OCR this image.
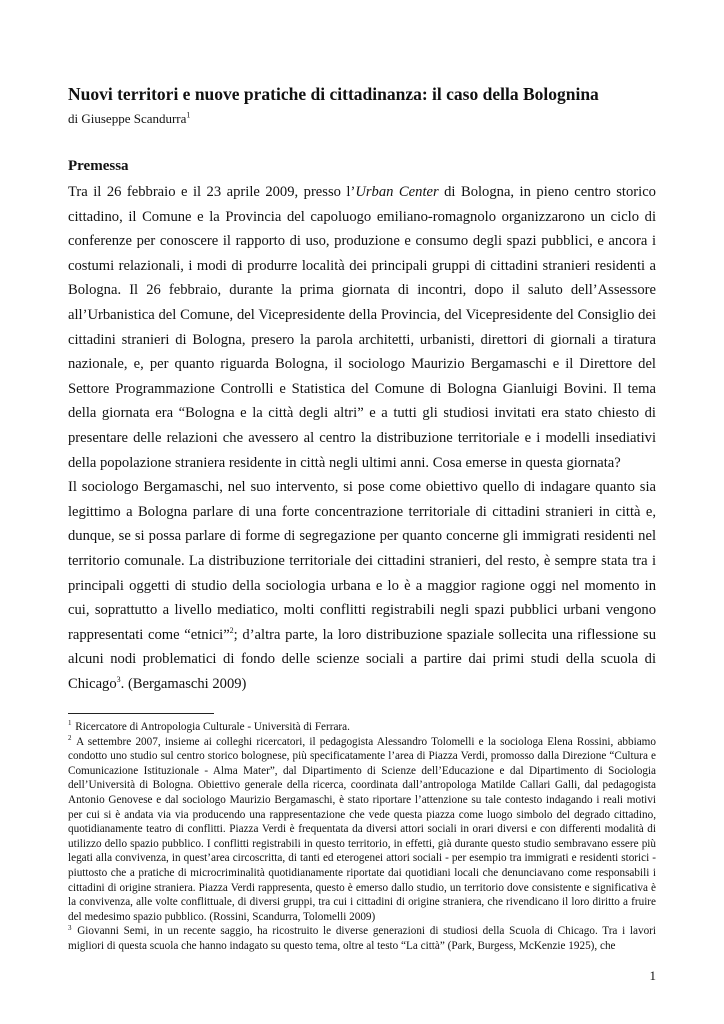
Nuovi territori e nuove pratiche di cittadinanza: il caso della Bolognina

di Giuseppe Scandurra$^1$

Premessa

Tra il 26 febbraio e il 23 aprile 2009, presso l’Urban Center di Bologna, in pieno centro storico cittadino, il Comune e la Provincia del capoluogo emiliano-romagnolo organizzarono un ciclo di conferenze per conoscere il rapporto di uso, produzione e consumo degli spazi pubblici, e ancora i costumi relazionali, i modi di produrre località dei principali gruppi di cittadini stranieri residenti a Bologna. Il 26 febbraio, durante la prima giornata di incontri, dopo il saluto dell’Assessore all’Urbanistica del Comune, del Vicepresidente della Provincia, del Vicepresidente del Consiglio dei cittadini stranieri di Bologna, presero la parola architetti, urbanisti, direttori di giornali a tiratura nazionale, e, per quanto riguarda Bologna, il sociologo Maurizio Bergamaschi e il Direttore del Settore Programmazione Controlli e Statistica del Comune di Bologna Gianluigi Bovini. Il tema della giornata era “Bologna e la città degli altri” e a tutti gli studiosi invitati era stato chiesto di presentare delle relazioni che avessero al centro la distribuzione territoriale e i modelli insediativi della popolazione straniera residente in città negli ultimi anni. Cosa emerse in questa giornata?

Il sociologo Bergamaschi, nel suo intervento, si pose come obiettivo quello di indagare quanto sia legittimo a Bologna parlare di una forte concentrazione territoriale di cittadini stranieri in città e, dunque, se si possa parlare di forme di segregazione per quanto concerne gli immigrati residenti nel territorio comunale. La distribuzione territoriale dei cittadini stranieri, del resto, è sempre stata tra i principali oggetti di studio della sociologia urbana e lo è a maggior ragione oggi nel momento in cui, soprattutto a livello mediatico, molti conflitti registrabili negli spazi pubblici urbani vengono rappresentati come “etnici”$^2$; d’altra parte, la loro distribuzione spaziale sollecita una riflessione su alcuni nodi problematici di fondo delle scienze sociali a partire dai primi studi della scuola di Chicago$^3$. (Bergamaschi 2009)

$^1$ Ricercatore di Antropologia Culturale - Università di Ferrara.

$^2$ A settembre 2007, insieme ai colleghi ricercatori, il pedagogista Alessandro Tolomelli e la sociologa Elena Rossini, abbiamo condotto uno studio sul centro storico bolognese, più specificatamente l’area di Piazza Verdi, promosso dalla Direzione “Cultura e Comunicazione Istituzionale - Alma Mater”, dal Dipartimento di Scienze dell’Educazione e dal Dipartimento di Sociologia dell’Università di Bologna. Obiettivo generale della ricerca, coordinata dall’antropologa Matilde Callari Galli, dal pedagogista Antonio Genovese e dal sociologo Maurizio Bergamaschi, è stato riportare l’attenzione su tale contesto indagando i reali motivi per cui si è andata via via producendo una rappresentazione che vede questa piazza come luogo simbolo del degrado cittadino, quotidianamente teatro di conflitti. Piazza Verdi è frequentata da diversi attori sociali in orari diversi e con differenti modalità di utilizzo dello spazio pubblico. I conflitti registrabili in questo territorio, in effetti, già durante questo studio sembravano essere più legati alla convivenza, in quest’area circoscritta, di tanti ed eterogenei attori sociali - per esempio tra immigrati e residenti storici - piuttosto che a pratiche di microcriminalità quotidianamente riportate dai quotidiani locali che denunciavano come responsabili i cittadini di origine straniera. Piazza Verdi rappresenta, questo è emerso dallo studio, un territorio dove consistente e significativa è la convivenza, alle volte conflittuale, di diversi gruppi, tra cui i cittadini di origine straniera, che rivendicano il loro diritto a fruire del medesimo spazio pubblico. (Rossini, Scandurra, Tolomelli 2009)

$^3$ Giovanni Semi, in un recente saggio, ha ricostruito le diverse generazioni di studiosi della Scuola di Chicago. Tra i lavori migliori di questa scuola che hanno indagato su questo tema, oltre al testo “La città” (Park, Burgess, McKenzie 1925), che

1
